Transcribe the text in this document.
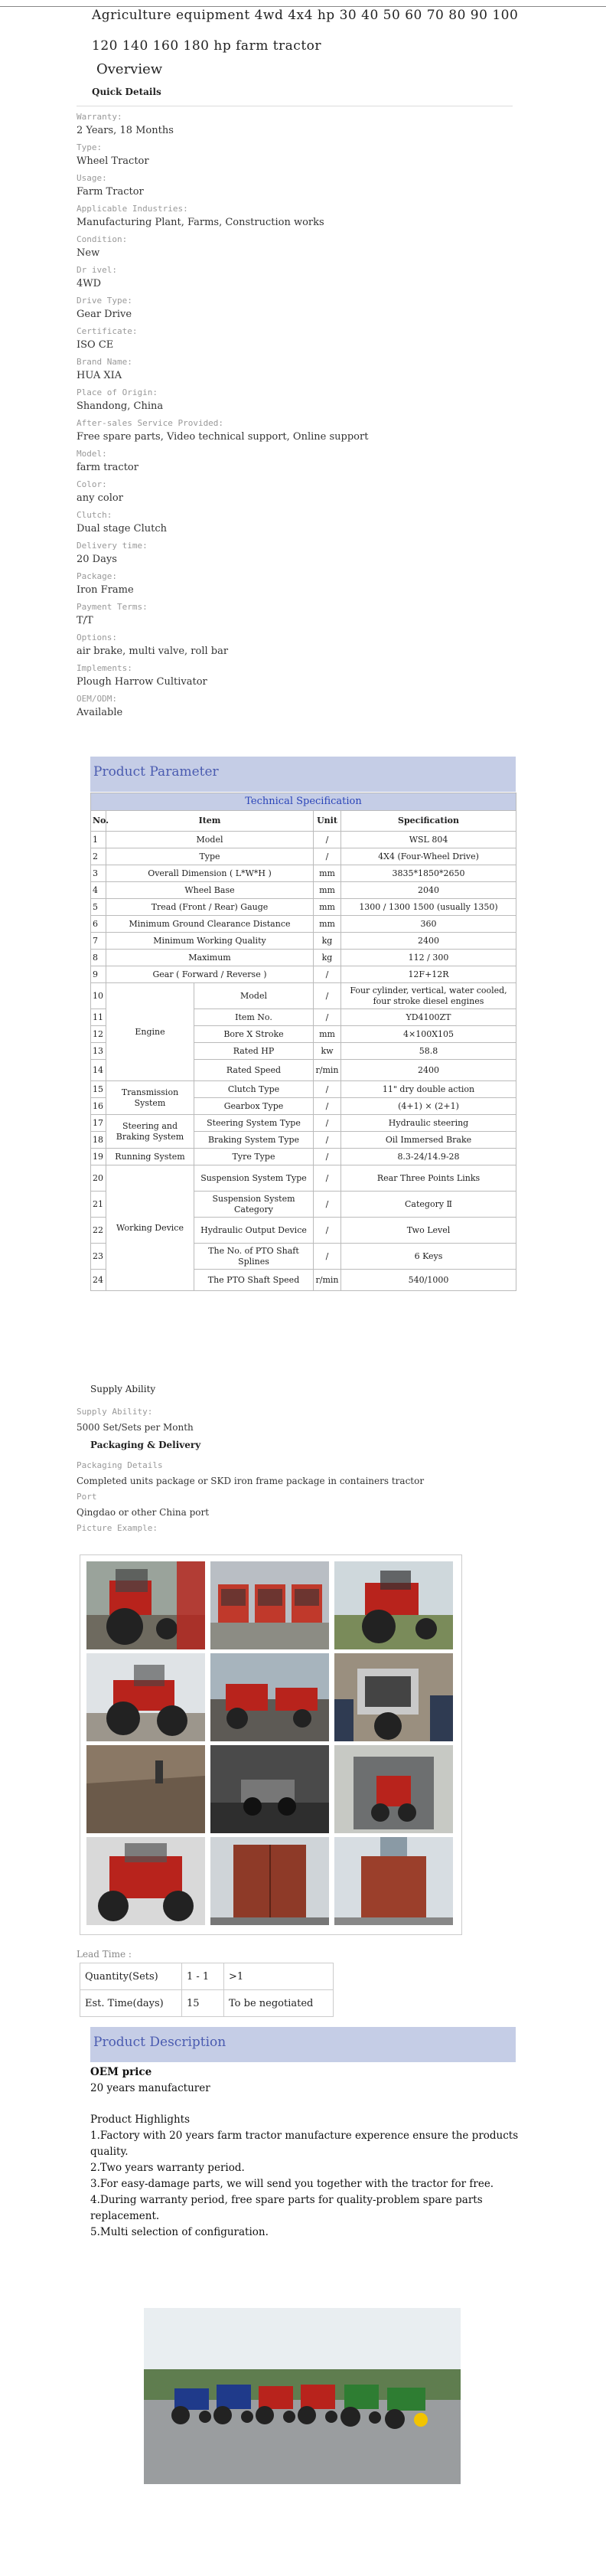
Agriculture equipment 4wd 4x4 hp 30 40 50 60 70 80 90 100 120 140 160 180 hp farm tractor
Overview
Quick Details
Warranty:
2 Years, 18 Months
Type:
Wheel Tractor
Usage:
Farm Tractor
Applicable Industries:
Manufacturing Plant, Farms, Construction works
Condition:
New
Dr ivel:
4WD
Drive Type:
Gear Drive
Certificate:
ISO CE
Brand Name:
HUA XIA
Place of Origin:
Shandong, China
After-sales Service Provided:
Free spare parts, Video technical support, Online support
Model:
farm tractor
Color:
any color
Clutch:
Dual stage Clutch
Delivery time:
20 Days
Package:
Iron Frame
Payment Terms:
T/T
Options:
air brake, multi valve, roll bar
Implements:
Plough Harrow Cultivator
OEM/ODM:
Available
Product Parameter
Technical Specification				
No.	Item		Unit	Specification
1	Model		/	WSL 804
2	Type		/	4X4 (Four-Wheel Drive)
3	Overall Dimension ( L*W*H )		mm	3835*1850*2650
4	Wheel Base		mm	2040
5	Tread (Front / Rear) Gauge		mm	1300 / 1300 1500 (usually 1350)
6	Minimum Ground Clearance Distance		mm	360
7	Minimum Working Quality		kg	2400
8	Maximum		kg	112 / 300
9	Gear ( Forward / Reverse )		/	12F+12R
10	Engine	Model	/	Four cylinder, vertical, water cooled, four stroke diesel engines
11		Item No.	/	YD4100ZT
12		Bore X Stroke	mm	4×100X105
13		Rated HP	kw	58.8
14		Rated Speed	r/min	2400
15	Transmission System	Clutch Type	/	11" dry double action
16		Gearbox Type	/	(4+1) × (2+1)
17	Steering and Braking System	Steering System Type	/	Hydraulic steering
18		Braking System Type	/	Oil Immersed Brake
19	Running System	Tyre Type	/	8.3-24/14.9-28
20	Working Device	Suspension System Type	/	Rear Three Points Links
21		Suspension System Category	/	Category Ⅱ
22		Hydraulic Output Device	/	Two Level
23		The No. of PTO Shaft Splines	/	6 Keys
24		The PTO Shaft Speed	r/min	540/1000
Supply Ability
Supply Ability:
5000 Set/Sets per Month
Packaging & Delivery
Packaging Details
Completed units package or SKD iron frame package in containers tractor
Port
Qingdao or other China port
Picture Example:
Lead Time :
Quantity(Sets)	1 - 1	>1
Est. Time(days)	15	To be negotiated
Product Description

OEM price

20 years manufacturer

Product Highlights

1.Factory with 20 years farm tractor manufacture experence ensure the products quality.

2.Two years warranty period.

3.For easy-damage parts, we will send you together with the tractor for free.

4.During warranty period, free spare parts for quality-problem spare parts replacement.

5.Multi selection of configuration.
